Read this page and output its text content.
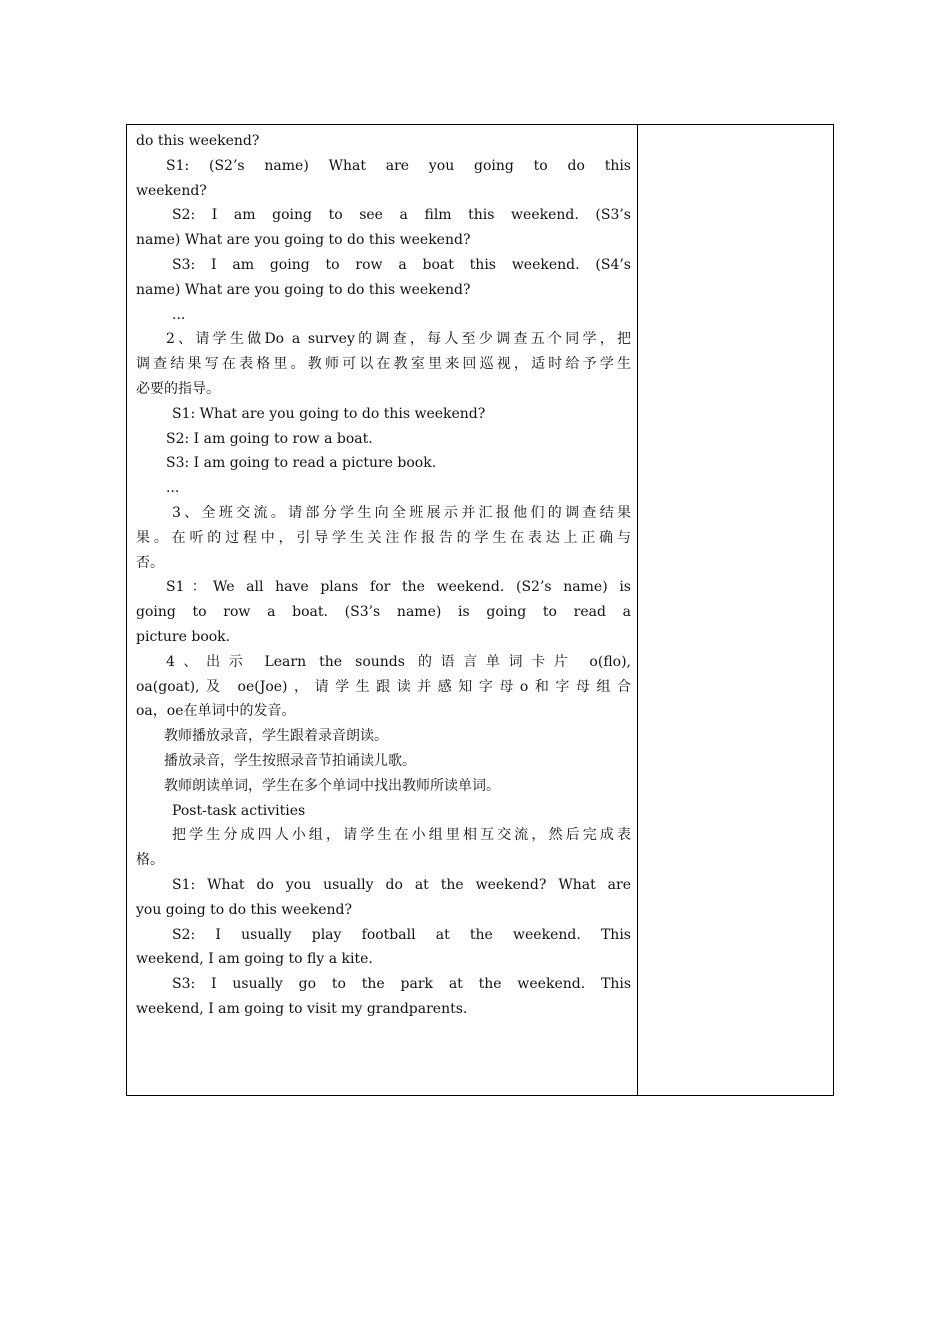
do this weekend?
S1: (S2’s name) What are you going to do this
weekend?
S2: I am going to see a film this weekend. (S3’s
name) What are you going to do this weekend?
S3: I am going to row a boat this weekend. (S4’s
name) What are you going to do this weekend?
...
2、请学生做Do a survey的调查，每人至少调查五个同学，把
调查结果写在表格里。教师可以在教室里来回巡视，适时给予学生
必要的指导。
S1: What are you going to do this weekend?
S2: I am going to row a boat.
S3: I am going to read a picture book.
...
3、全班交流。请部分学生向全班展示并汇报他们的调查结果
果。在听的过程中，引导学生关注作报告的学生在表达上正确与
否。
S1：We all have plans for the weekend. (S2’s name) is
going to row a boat. (S3’s name) is going to read a
picture book.
4、出示 Learn the sounds 的语言单词卡片 o(flo),
oa(goat),及 oe(Joe)，请学生跟读并感知字母o和字母组合
oa，oe在单词中的发音。
教师播放录音，学生跟着录音朗读。
播放录音，学生按照录音节拍诵读儿歌。
教师朗读单词，学生在多个单词中找出教师所读单词。
Post-task activities
把学生分成四人小组，请学生在小组里相互交流，然后完成表
格。
S1: What do you usually do at the weekend? What are
you going to do this weekend?
S2: I usually play football at the weekend. This
weekend, I am going to fly a kite.
S3: I usually go to the park at the weekend. This
weekend, I am going to visit my grandparents.
